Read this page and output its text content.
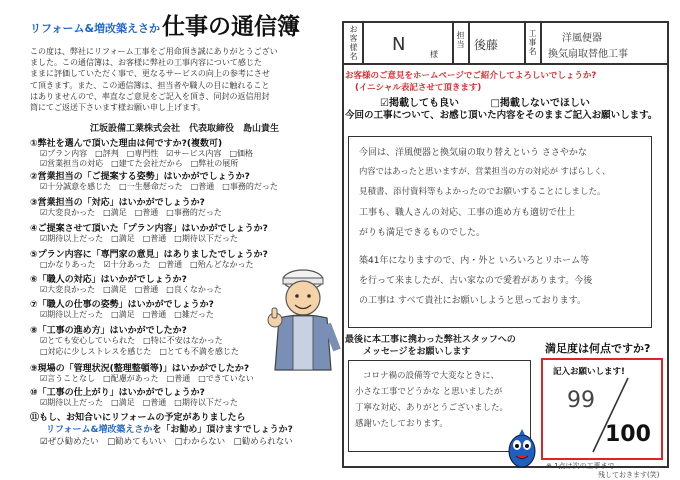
リフォーム&増改築えさか 仕事の通信簿
この度は、弊社にリフォーム工事をご用命頂き誠にありがとうござい
ました。この通信簿は、お客様に弊社の工事内容について感じた
ままに評価していただく事で、更なるサービスの向上の参考にさせ
て頂きます。また、この通信簿は、担当者や職人の目に触れること
はありませんので、率直なご意見をご記入を頂き、同封の返信用封
筒にてご返送下さいます様お願い申し上げます。
江坂設備工業株式会社　代表取締役　島山貴生
①弊社を選んで頂いた理由は何ですか?(複数可)
☑プラン内容　□評判　□専門性　☑サービス内容　□価格
☑営業担当の対応　□建てた会社だから　□弊社の展所
②営業担当の「ご提案する姿勢」はいかがでしょうか?
☑十分誠意を感じた　□一生懸命だった　□普通　□事務的だった
③営業担当の「対応」はいかがでしょうか?
☑大変良かった　□満足　□普通　□事務的だった
④ご提案させて頂いた「プラン内容」はいかがでしょうか?
☑期待以上だった　□満足　□普通　□期待以下だった
⑤プラン内容に「専門家の意見」はありましたでしょうか?
□かなりあった　☑十分あった　□普通　□殆んどなかった
⑥「職人の対応」はいかがでしょうか?
☑大変良かった　□満足　□普通　□良くなかった
⑦「職人の仕事の姿勢」はいかがでしょうか?
☑期待以上だった　□満足　□普通　□雑だった
⑧「工事の進め方」はいかがでしたか?
☑とても安心していられた　□特に不安はなかった
□対応に少しストレスを感じた　□とても不満を感じた
⑨現場の「管理状況(整理整頓等)」はいかがでしたか?
☑言うことなし　□配慮があった　□普通　□できていない
⑩「工事の仕上がり」はいかがでしょうか?
☑期待以上だった　□満足　□普通　□期待以下だった
⑪もし、お知合いにリフォームの予定がありましたら
リフォーム&増改築えさかを「お勧め」頂けますでしょうか?
☑ぜひ勧めたい　□勧めてもいい　□わからない　□勧められない
お客様名
N	様
担当 後藤
工事名
洋風便器
換気扇取替他工事
お客様のご意見をホームページでご紹介してよろしいでしょうか?
(イニシャル表記させて頂きます)
☑掲載しても良い	□掲載しないでほしい
今回の工事について、お感じ頂いた内容をそのままご記入お願いします。
今回は、洋風便器と換気扇の取り替えという ささやかな
内容ではあったと思いますが、営業担当の方の対応が すばらしく、
見積書、添付資料等もよかったのでお願いすることにしました。
工事も、職人さんの対応、工事の進め方も適切で仕上
がりも満足できるものでした。
築41年になりますので、内・外と いろいろとリホーム等
を行って来ましたが、古い家なので愛着があります。今後
の工事は すべて貴社にお願いしようと思っております。
最後に本工事に携わった弊社スタッフへの
メッセージをお願いします
コロナ禍の設備等で大変なときに、
小さな工事でどうかな と思いましたが
丁寧な対応、ありがとうございました。
感謝いたしております。
満足度は何点ですか?
記入お願いします!
99
100
※ 1点は次の工事まで
残しておきます(笑)
